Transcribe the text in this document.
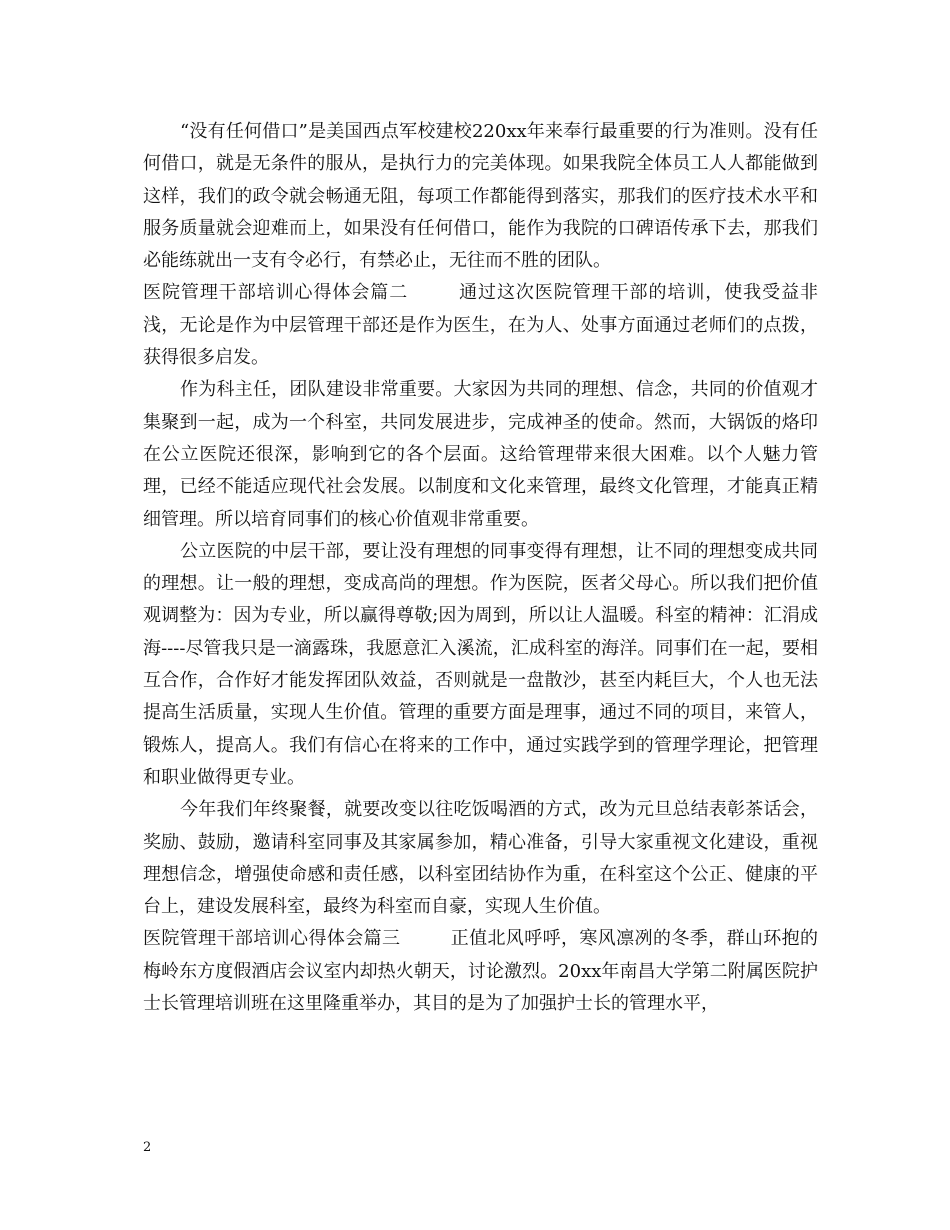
“没有任何借口”是美国西点军校建校220xx年来奉行最重要的行为准则。没有任何借口，就是无条件的服从，是执行力的完美体现。如果我院全体员工人人都能做到这样，我们的政令就会畅通无阻，每项工作都能得到落实，那我们的医疗技术水平和服务质量就会迎难而上，如果没有任何借口，能作为我院的口碑语传承下去，那我们必能练就出一支有令必行，有禁必止，无往而不胜的团队。

医院管理干部培训心得体会篇二	通过这次医院管理干部的培训，使我受益非浅，无论是作为中层管理干部还是作为医生，在为人、处事方面通过老师们的点拨，获得很多启发。

作为科主任，团队建设非常重要。大家因为共同的理想、信念，共同的价值观才集聚到一起，成为一个科室，共同发展进步，完成神圣的使命。然而，大锅饭的烙印在公立医院还很深，影响到它的各个层面。这给管理带来很大困难。以个人魅力管理，已经不能适应现代社会发展。以制度和文化来管理，最终文化管理，才能真正精细管理。所以培育同事们的核心价值观非常重要。

公立医院的中层干部，要让没有理想的同事变得有理想，让不同的理想变成共同的理想。让一般的理想，变成高尚的理想。作为医院，医者父母心。所以我们把价值观调整为：因为专业，所以赢得尊敬;因为周到，所以让人温暖。科室的精神：汇涓成海----尽管我只是一滴露珠，我愿意汇入溪流，汇成科室的海洋。同事们在一起，要相互合作，合作好才能发挥团队效益，否则就是一盘散沙，甚至内耗巨大，个人也无法提高生活质量，实现人生价值。管理的重要方面是理事，通过不同的项目，来管人，锻炼人，提高人。我们有信心在将来的工作中，通过实践学到的管理学理论，把管理和职业做得更专业。

今年我们年终聚餐，就要改变以往吃饭喝酒的方式，改为元旦总结表彰茶话会，奖励、鼓励，邀请科室同事及其家属参加，精心准备，引导大家重视文化建设，重视理想信念，增强使命感和责任感，以科室团结协作为重，在科室这个公正、健康的平台上，建设发展科室，最终为科室而自豪，实现人生价值。

医院管理干部培训心得体会篇三	正值北风呼呼，寒风凛冽的冬季，群山环抱的梅岭东方度假酒店会议室内却热火朝天，讨论激烈。20xx年南昌大学第二附属医院护士长管理培训班在这里隆重举办，其目的是为了加强护士长的管理水平，

2
